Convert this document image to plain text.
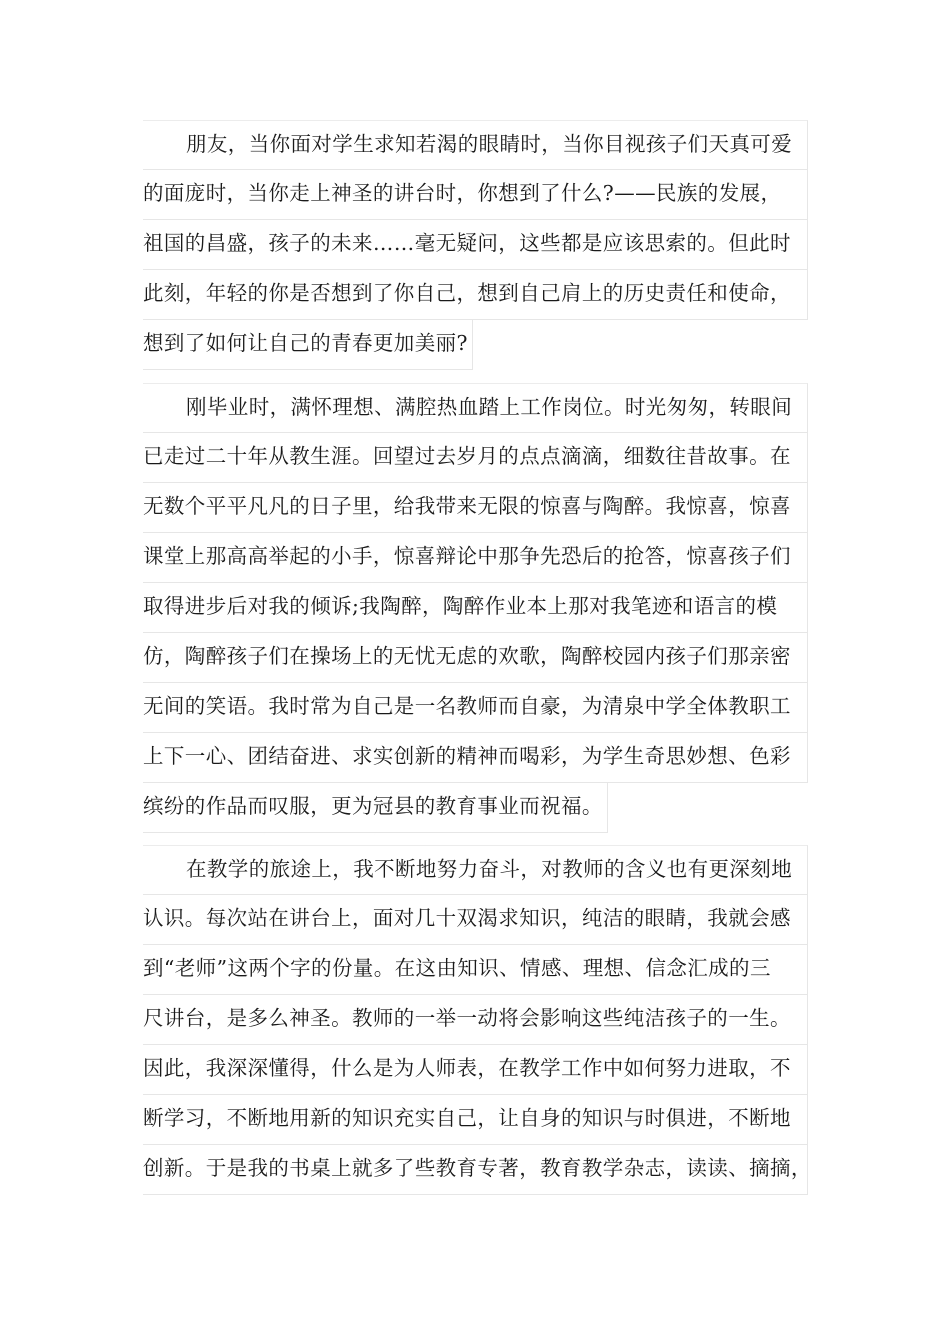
朋友，当你面对学生求知若渴的眼睛时，当你目视孩子们天真可爱
的面庞时，当你走上神圣的讲台时，你想到了什么?——民族的发展，
祖国的昌盛，孩子的未来……毫无疑问，这些都是应该思索的。但此时
此刻，年轻的你是否想到了你自己，想到自己肩上的历史责任和使命，
想到了如何让自己的青春更加美丽?
刚毕业时，满怀理想、满腔热血踏上工作岗位。时光匆匆，转眼间
已走过二十年从教生涯。回望过去岁月的点点滴滴，细数往昔故事。在
无数个平平凡凡的日子里，给我带来无限的惊喜与陶醉。我惊喜，惊喜
课堂上那高高举起的小手，惊喜辩论中那争先恐后的抢答，惊喜孩子们
取得进步后对我的倾诉;我陶醉，陶醉作业本上那对我笔迹和语言的模
仿，陶醉孩子们在操场上的无忧无虑的欢歌，陶醉校园内孩子们那亲密
无间的笑语。我时常为自己是一名教师而自豪，为清泉中学全体教职工
上下一心、团结奋进、求实创新的精神而喝彩，为学生奇思妙想、色彩
缤纷的作品而叹服，更为冠县的教育事业而祝福。
在教学的旅途上，我不断地努力奋斗，对教师的含义也有更深刻地
认识。每次站在讲台上，面对几十双渴求知识，纯洁的眼睛，我就会感
到“老师”这两个字的份量。在这由知识、情感、理想、信念汇成的三
尺讲台，是多么神圣。教师的一举一动将会影响这些纯洁孩子的一生。
因此，我深深懂得，什么是为人师表，在教学工作中如何努力进取，不
断学习，不断地用新的知识充实自己，让自身的知识与时俱进，不断地
创新。于是我的书桌上就多了些教育专著，教育教学杂志，读读、摘摘，
